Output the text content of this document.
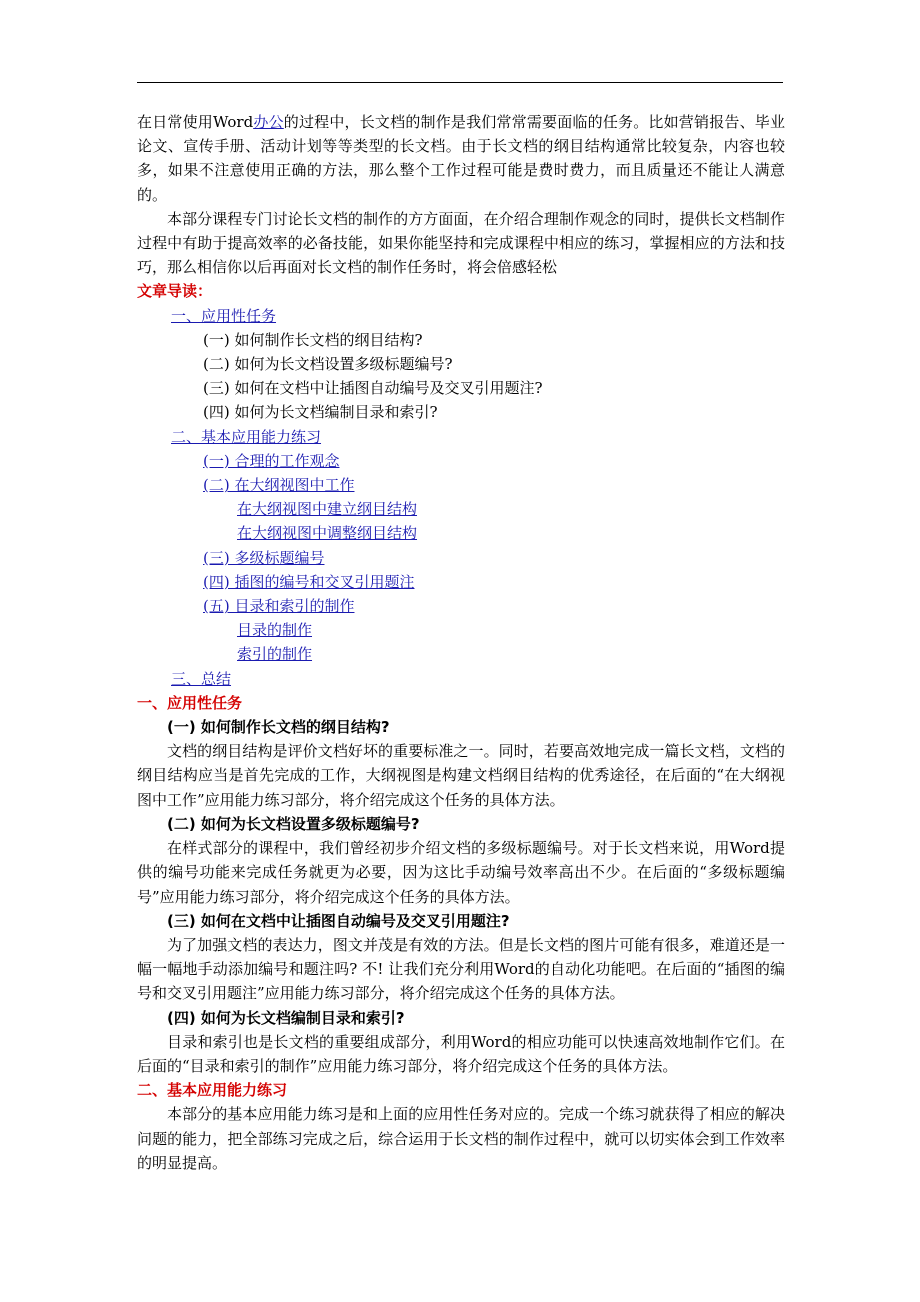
在日常使用Word办公的过程中，长文档的制作是我们常常需要面临的任务。比如营销报告、毕业论文、宣传手册、活动计划等等类型的长文档。由于长文档的纲目结构通常比较复杂，内容也较多，如果不注意使用正确的方法，那么整个工作过程可能是费时费力，而且质量还不能让人满意的。

本部分课程专门讨论长文档的制作的方方面面，在介绍合理制作观念的同时，提供长文档制作过程中有助于提高效率的必备技能，如果你能坚持和完成课程中相应的练习，掌握相应的方法和技巧，那么相信你以后再面对长文档的制作任务时，将会倍感轻松

文章导读：

一、应用性任务

(一) 如何制作长文档的纲目结构?

(二) 如何为长文档设置多级标题编号?

(三) 如何在文档中让插图自动编号及交叉引用题注?

(四) 如何为长文档编制目录和索引?

二、基本应用能力练习

(一) 合理的工作观念

(二) 在大纲视图中工作

在大纲视图中建立纲目结构

在大纲视图中调整纲目结构

(三) 多级标题编号

(四) 插图的编号和交叉引用题注

(五) 目录和索引的制作

目录的制作

索引的制作

三、总结

一、应用性任务

(一) 如何制作长文档的纲目结构?

文档的纲目结构是评价文档好坏的重要标准之一。同时，若要高效地完成一篇长文档，文档的纲目结构应当是首先完成的工作，大纲视图是构建文档纲目结构的优秀途径，在后面的“在大纲视图中工作”应用能力练习部分，将介绍完成这个任务的具体方法。

(二) 如何为长文档设置多级标题编号?

在样式部分的课程中，我们曾经初步介绍文档的多级标题编号。对于长文档来说，用Word提供的编号功能来完成任务就更为必要，因为这比手动编号效率高出不少。在后面的“多级标题编号”应用能力练习部分，将介绍完成这个任务的具体方法。

(三) 如何在文档中让插图自动编号及交叉引用题注?

为了加强文档的表达力，图文并茂是有效的方法。但是长文档的图片可能有很多，难道还是一幅一幅地手动添加编号和题注吗? 不! 让我们充分利用Word的自动化功能吧。在后面的“插图的编号和交叉引用题注”应用能力练习部分，将介绍完成这个任务的具体方法。

(四) 如何为长文档编制目录和索引?

目录和索引也是长文档的重要组成部分，利用Word的相应功能可以快速高效地制作它们。在后面的“目录和索引的制作”应用能力练习部分，将介绍完成这个任务的具体方法。

二、基本应用能力练习

本部分的基本应用能力练习是和上面的应用性任务对应的。完成一个练习就获得了相应的解决问题的能力，把全部练习完成之后，综合运用于长文档的制作过程中，就可以切实体会到工作效率的明显提高。
